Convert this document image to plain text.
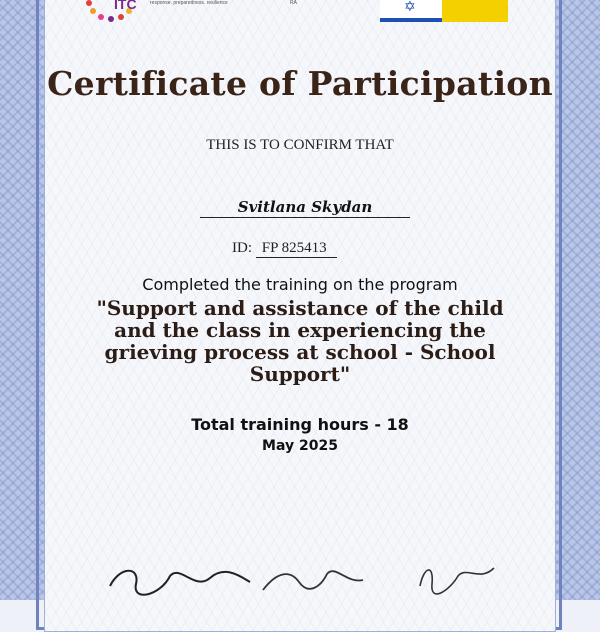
ITC	response. preparedness. resilience	RA	✡
Certificate of Participation
THIS IS TO CONFIRM THAT
Svitlana Skydan
ID: FP 825413
Completed the training on the program
"Support and assistance of the child and the class in experiencing the grieving process at school - School Support"
Total training hours - 18
May 2025
